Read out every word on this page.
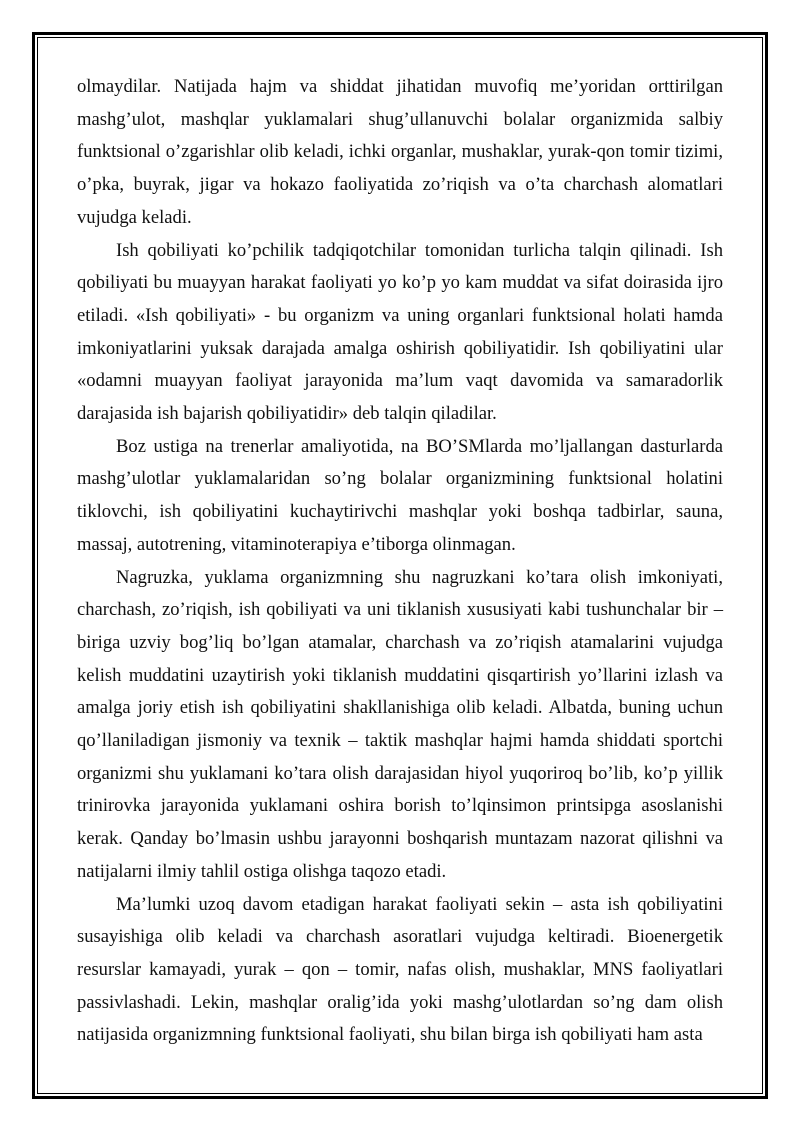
olmaydilar. Natijada hajm va shiddat jihatidan muvofiq me’yoridan orttirilgan mashg’ulot, mashqlar yuklamalari shug’ullanuvchi bolalar organizmida salbiy funktsional o’zgarishlar olib keladi, ichki organlar, mushaklar, yurak-qon tomir tizimi, o’pka, buyrak, jigar va hokazo faoliyatida zo’riqish va o’ta charchash alomatlari vujudga keladi.

Ish qobiliyati ko’pchilik tadqiqotchilar tomonidan turlicha talqin qilinadi. Ish qobiliyati bu muayyan harakat faoliyati yo ko’p yo kam muddat va sifat doirasida ijro etiladi. «Ish qobiliyati» - bu organizm va uning organlari funktsional holati hamda imkoniyatlarini yuksak darajada amalga oshirish qobiliyatidir. Ish qobiliyatini ular «odamni muayyan faoliyat jarayonida ma’lum vaqt davomida va samaradorlik darajasida ish bajarish qobiliyatidir» deb talqin qiladilar.

Boz ustiga na trenerlar amaliyotida, na BO’SMlarda mo’ljallangan dasturlarda mashg’ulotlar yuklamalaridan so’ng bolalar organizmining funktsional holatini tiklovchi, ish qobiliyatini kuchaytirivchi mashqlar yoki boshqa tadbirlar, sauna, massaj, autotrening, vitaminoterapiya e’tiborga olinmagan.

Nagruzka, yuklama organizmning shu nagruzkani ko’tara olish imkoniyati, charchash, zo’riqish, ish qobiliyati va uni tiklanish xususiyati kabi tushunchalar bir – biriga uzviy bog’liq bo’lgan atamalar, charchash va zo’riqish atamalarini vujudga kelish muddatini uzaytirish yoki tiklanish muddatini qisqartirish yo’llarini izlash va amalga joriy etish ish qobiliyatini shakllanishiga olib keladi. Albatda, buning uchun qo’llaniladigan jismoniy va texnik – taktik mashqlar hajmi hamda shiddati sportchi organizmi shu yuklamani ko’tara olish darajasidan hiyol yuqoriroq bo’lib, ko’p yillik trinirovka jarayonida yuklamani oshira borish to’lqinsimon printsipga asoslanishi kerak. Qanday bo’lmasin ushbu jarayonni boshqarish muntazam nazorat qilishni va natijalarni ilmiy tahlil ostiga olishga taqozo etadi.

Ma’lumki uzoq davom etadigan harakat faoliyati sekin – asta ish qobiliyatini susayishiga olib keladi va charchash asoratlari vujudga keltiradi. Bioenergetik resurslar kamayadi, yurak – qon – tomir, nafas olish, mushaklar, MNS faoliyatlari passivlashadi. Lekin, mashqlar oralig’ida yoki mashg’ulotlardan so’ng dam olish natijasida organizmning funktsional faoliyati, shu bilan birga ish qobiliyati ham asta
